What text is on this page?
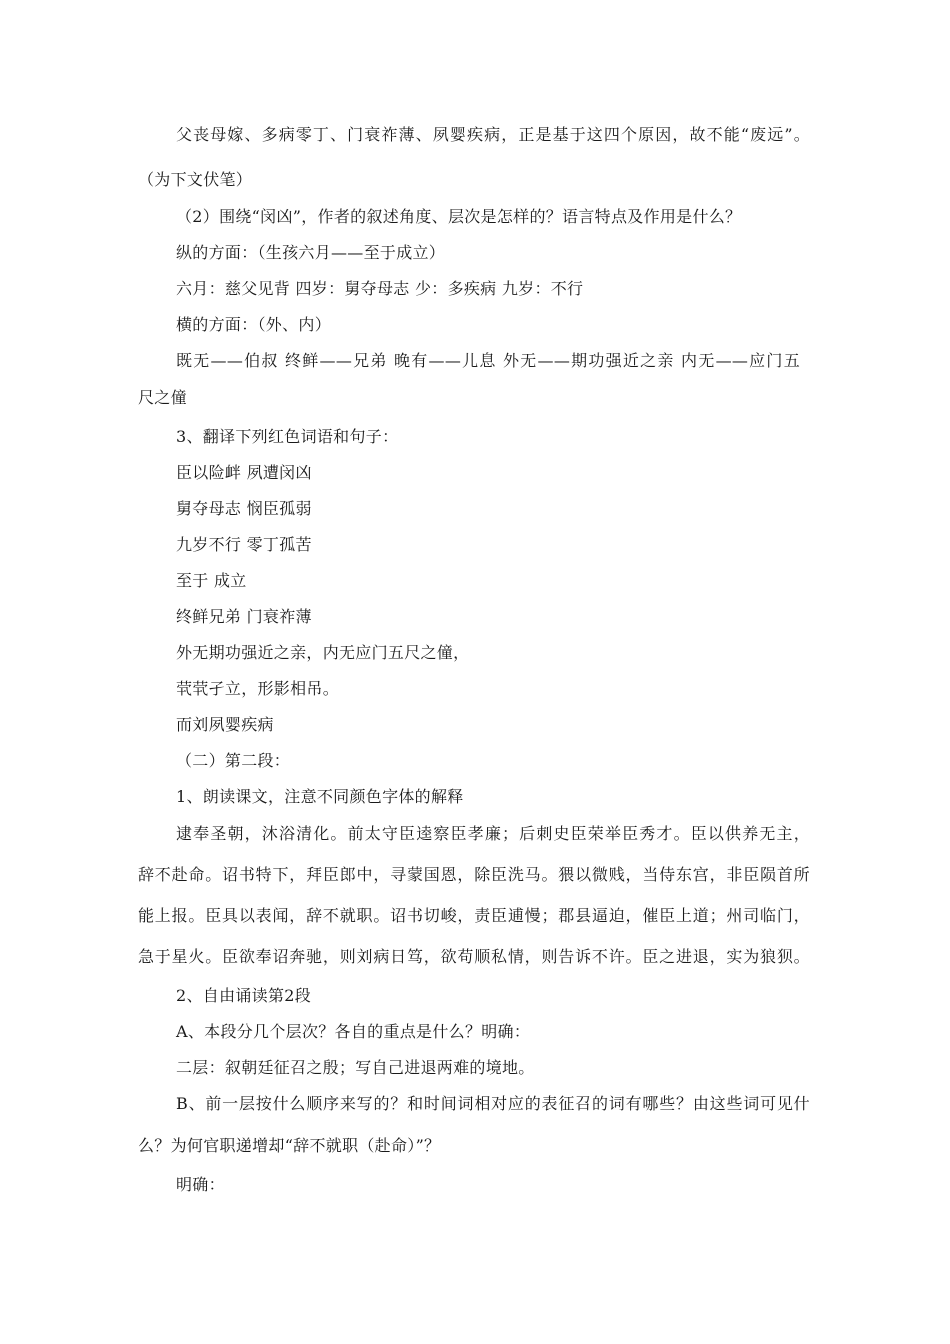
父丧母嫁、多病零丁、门衰祚薄、夙婴疾病，正是基于这四个原因，故不能“废远”。
（为下文伏笔）
（2）围绕“闵凶”，作者的叙述角度、层次是怎样的？语言特点及作用是什么？
纵的方面：（生孩六月——至于成立）
六月：慈父见背 四岁：舅夺母志 少：多疾病 九岁：不行
横的方面：（外、内）
既无——伯叔 终鲜——兄弟 晚有——儿息 外无——期功强近之亲 内无——应门五
尺之僮
3、翻译下列红色词语和句子：
臣以险衅 夙遭闵凶
舅夺母志 悯臣孤弱
九岁不行 零丁孤苦
至于 成立
终鲜兄弟 门衰祚薄
外无期功强近之亲，内无应门五尺之僮，
茕茕孑立，形影相吊。
而刘夙婴疾病
（二）第二段：
1、朗读课文，注意不同颜色字体的解释
逮奉圣朝，沐浴清化。前太守臣逵察臣孝廉；后刺史臣荣举臣秀才。臣以供养无主，
辞不赴命。诏书特下，拜臣郎中，寻蒙国恩，除臣洗马。猥以微贱，当侍东宫，非臣陨首所
能上报。臣具以表闻，辞不就职。诏书切峻，责臣逋慢；郡县逼迫，催臣上道；州司临门，
急于星火。臣欲奉诏奔驰，则刘病日笃，欲苟顺私情，则告诉不许。臣之进退，实为狼狈。
2、自由诵读第2段
A、本段分几个层次？各自的重点是什么？明确：
二层：叙朝廷征召之殷；写自己进退两难的境地。
B、前一层按什么顺序来写的？和时间词相对应的表征召的词有哪些？由这些词可见什
么？为何官职递增却“辞不就职（赴命）”？
明确：
